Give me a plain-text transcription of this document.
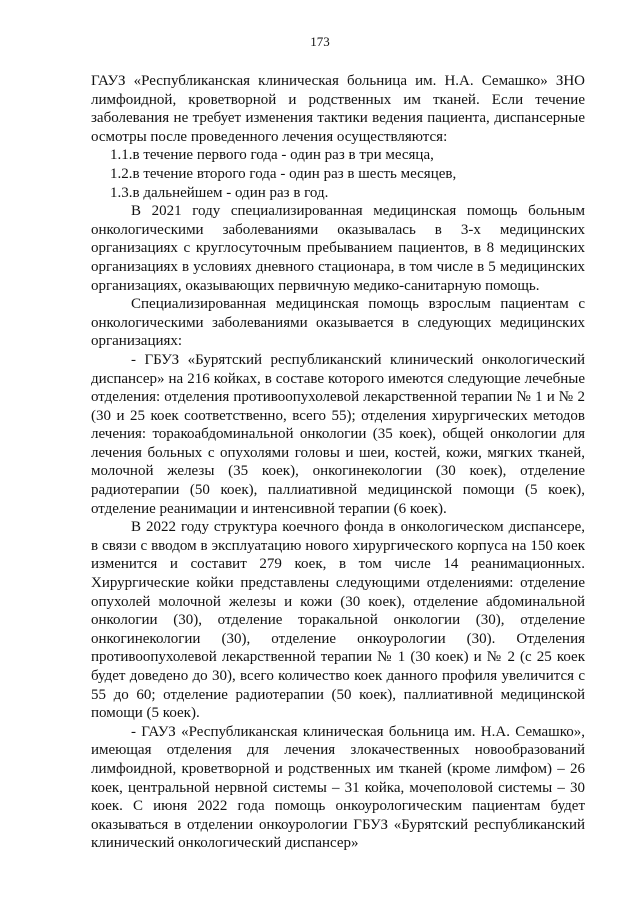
173

ГАУЗ «Республиканская клиническая больница им. Н.А. Семашко» ЗНО лимфоидной, кроветворной и родственных им тканей. Если течение заболевания не требует изменения тактики ведения пациента, диспансерные осмотры после проведенного лечения осуществляются:

1.1.в течение первого года - один раз в три месяца,

1.2.в течение второго года - один раз в шесть месяцев,

1.3.в дальнейшем - один раз в год.

В 2021 году специализированная медицинская помощь больным онкологическими заболеваниями оказывалась в 3-х медицинских организациях с круглосуточным пребыванием пациентов, в 8 медицинских организациях в условиях дневного стационара, в том числе в 5 медицинских организациях, оказывающих первичную медико-санитарную помощь.

Специализированная медицинская помощь взрослым пациентам с онкологическими заболеваниями оказывается в следующих медицинских организациях:

- ГБУЗ «Бурятский республиканский клинический онкологический диспансер» на 216 койках, в составе которого имеются следующие лечебные отделения: отделения противоопухолевой лекарственной терапии № 1 и № 2 (30 и 25 коек соответственно, всего 55); отделения хирургических методов лечения: торакоабдоминальной онкологии (35 коек), общей онкологии для лечения больных с опухолями головы и шеи, костей, кожи, мягких тканей, молочной железы (35 коек), онкогинекологии (30 коек), отделение радиотерапии (50 коек), паллиативной медицинской помощи (5 коек), отделение реанимации и интенсивной терапии (6 коек).

В 2022 году структура коечного фонда в онкологическом диспансере, в связи с вводом в эксплуатацию нового хирургического корпуса на 150 коек изменится и составит 279 коек, в том числе 14 реанимационных. Хирургические койки представлены следующими отделениями: отделение опухолей молочной железы и кожи (30 коек), отделение абдоминальной онкологии (30), отделение торакальной онкологии (30), отделение онкогинекологии (30), отделение онкоурологии (30). Отделения противоопухолевой лекарственной терапии № 1 (30 коек) и № 2 (с 25 коек будет доведено до 30), всего количество коек данного профиля увеличится с 55 до 60; отделение радиотерапии (50 коек), паллиативной медицинской помощи (5 коек).

- ГАУЗ «Республиканская клиническая больница им. Н.А. Семашко», имеющая отделения для лечения злокачественных новообразований лимфоидной, кроветворной и родственных им тканей (кроме лимфом) – 26 коек, центральной нервной системы – 31 койка, мочеполовой системы – 30 коек. С июня 2022 года помощь онкоурологическим пациентам будет оказываться в отделении онкоурологии ГБУЗ «Бурятский республиканский клинический онкологический диспансер»
